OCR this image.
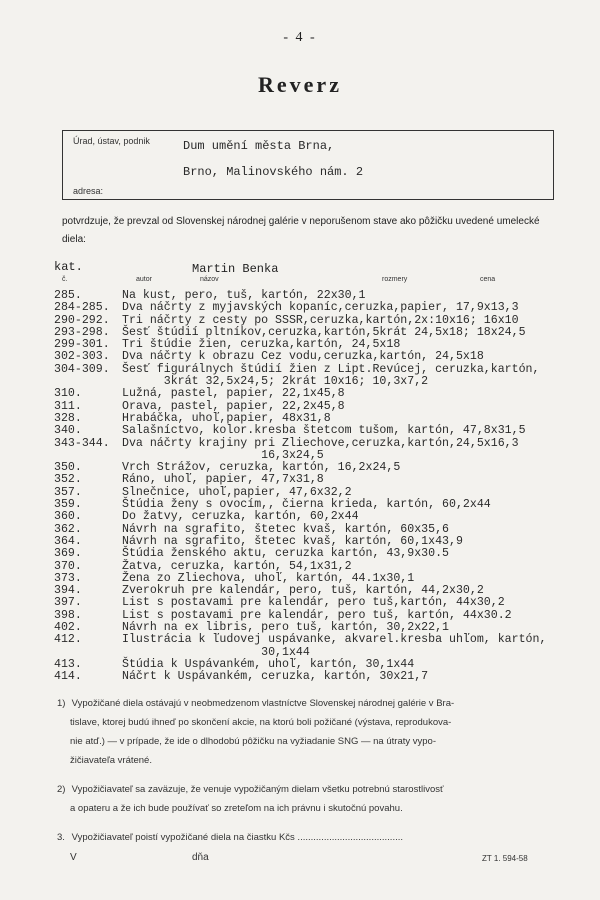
- 4 -
Reverz
Úrad, ústav, podnik	Dum umění města Brna,
Brno, Malinovského nám. 2
adresa:
potvrdzuje, že prevzal od Slovenskej národnej galérie v neporušenom stave ako pôžičku uvedené umelecké diela:
kat.	Martin Benka
č.	autor	názov	rozmery	cena
285.	Na kust, pero, tuš, kartón, 22x30,1
284-285.	Dva náčrty z myjavských kopaníc,ceruzka,papier, 17,9x13,3
290-292.	Tri náčrty z cesty po SSSR,ceruzka,kartón,2x:10x16; 16x10
293-298.	Šesť štúdií pltníkov,ceruzka,kartón,5krát 24,5x18; 18x24,5
299-301.	Tri štúdie žien, ceruzka,kartón, 24,5x18
302-303.	Dva náčrty k obrazu Cez vodu,ceruzka,kartón, 24,5x18
304-309.	Šesť figurálnych štúdií žien z Lipt.Revúcej, ceruzka,kartón,
3krát 32,5x24,5; 2krát 10x16; 10,3x7,2
310.	Lužná, pastel, papier, 22,1x45,8
311.	Orava, pastel, papier, 22,2x45,8
328.	Hrabáčka, uhoľ,papier, 48x31,8
340.	Salašníctvo, kolor.kresba štetcom tušom, kartón, 47,8x31,5
343-344.	Dva náčrty krajiny pri Zliechove,ceruzka,kartón,24,5x16,3
16,3x24,5
350.	Vrch Strážov, ceruzka, kartón, 16,2x24,5
352.	Ráno, uhoľ, papier, 47,7x31,8
357.	Slnečnice, uhoľ,papier, 47,6x32,2
359.	Štúdia ženy s ovocím,, čierna krieda, kartón, 60,2x44
360.	Do žatvy, ceruzka, kartón, 60,2x44
362.	Návrh na sgrafito, štetec kvaš, kartón, 60x35,6
364.	Návrh na sgrafito, štetec kvaš, kartón, 60,1x43,9
369.	Štúdia ženského aktu, ceruzka kartón, 43,9x30.5
370.	Žatva, ceruzka, kartón, 54,1x31,2
373.	Žena zo Zliechova, uhoľ, kartón, 44.1x30,1
394.	Zverokruh pre kalendár, pero, tuš, kartón, 44,2x30,2
397.	List s postavami pre kalendár, pero tuš,kartón, 44x30,2
398.	List s postavami pre kalendár, pero tuš, kartón, 44x30.2
402.	Návrh na ex libris, pero tuš, kartón, 30,2x22,1
412.	Ilustrácia k ľudovej uspávanke, akvarel.kresba uhľom, kartón,
30,1x44
413.	Štúdia k Uspávankém, uhoľ, kartón, 30,1x44
414.	Náčrt k Uspávankém, ceruzka, kartón, 30x21,7
1) Vypožičané diela ostávajú v neobmedzenom vlastníctve Slovenskej národnej galérie v Bra-
tislave, ktorej budú ihneď po skončení akcie, na ktorú boli požičané (výstava, reprodukova-
nie atď.) — v prípade, že ide o dlhodobú pôžičku na vyžiadanie SNG — na útraty vypo-
žičiavateľa vrátené.
2) Vypožičiavateľ sa zaväzuje, že venuje vypožičaným dielam všetku potrebnú starostlivosť
a opateru a že ich bude používať so zreteľom na ich právnu i skutočnú povahu.
3. Vypožičiavateľ poistí vypožičané diela na čiastku Kčs ........................................
V	dňa	ZT 1. 594-58
